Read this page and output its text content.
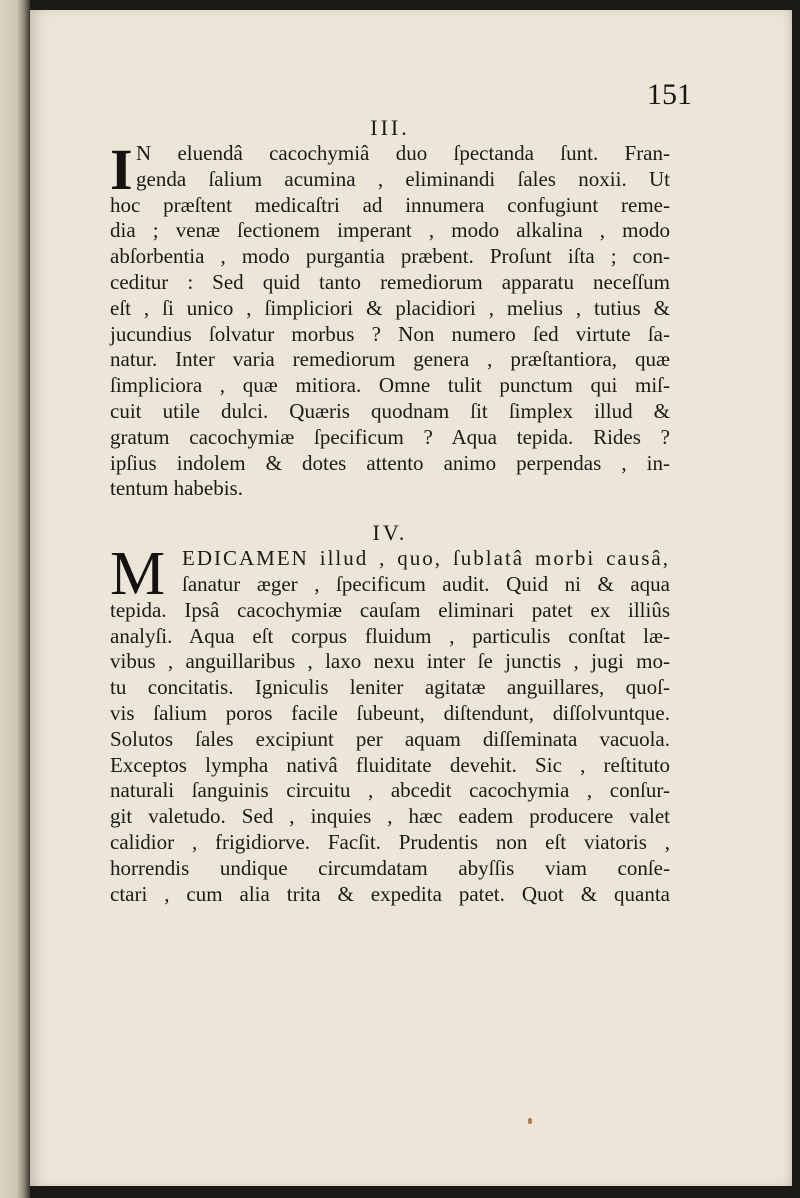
151

III.

I N eluendâ cacochymiâ duo ſpectanda ſunt. Fran-

genda ſalium acumina , eliminandi ſales noxii. Ut

hoc præſtent medicaſtri ad innumera confugiunt reme-

dia ; venæ ſectionem imperant , modo alkalina , modo

abſorbentia , modo purgantia præbent. Proſunt iſta ; con-

ceditur : Sed quid tanto remediorum apparatu neceſſum

eſt , ſi unico , ſimpliciori & placidiori , melius , tutius &

jucundius ſolvatur morbus ? Non numero ſed virtute ſa-

natur. Inter varia remediorum genera , præſtantiora, quæ

ſimpliciora , quæ mitiora. Omne tulit punctum qui miſ-

cuit utile dulci. Quæris quodnam ſit ſimplex illud &

gratum cacochymiæ ſpecificum ? Aqua tepida. Rides ?

ipſius indolem & dotes attento animo perpendas , in-

tentum habebis.

IV.

M EDICAMEN illud , quo, ſublatâ morbi causâ,

ſanatur æger , ſpecificum audit. Quid ni & aqua

tepida. Ipsâ cacochymiæ cauſam eliminari patet ex illiûs

analyſi. Aqua eſt corpus fluidum , particulis conſtat læ-

vibus , anguillaribus , laxo nexu inter ſe junctis , jugi mo-

tu concitatis. Igniculis leniter agitatæ anguillares, quoſ-

vis ſalium poros facile ſubeunt, diſtendunt, diſſolvuntque.

Solutos ſales excipiunt per aquam diſſeminata vacuola.

Exceptos lympha nativâ fluiditate devehit. Sic , reſtituto

naturali ſanguinis circuitu , abcedit cacochymia , conſur-

git valetudo. Sed , inquies , hæc eadem producere valet

calidior , frigidiorve. Facſit. Prudentis non eſt viatoris ,

horrendis undique circumdatam abyſſis viam conſe-

ctari , cum alia trita & expedita patet. Quot & quanta
